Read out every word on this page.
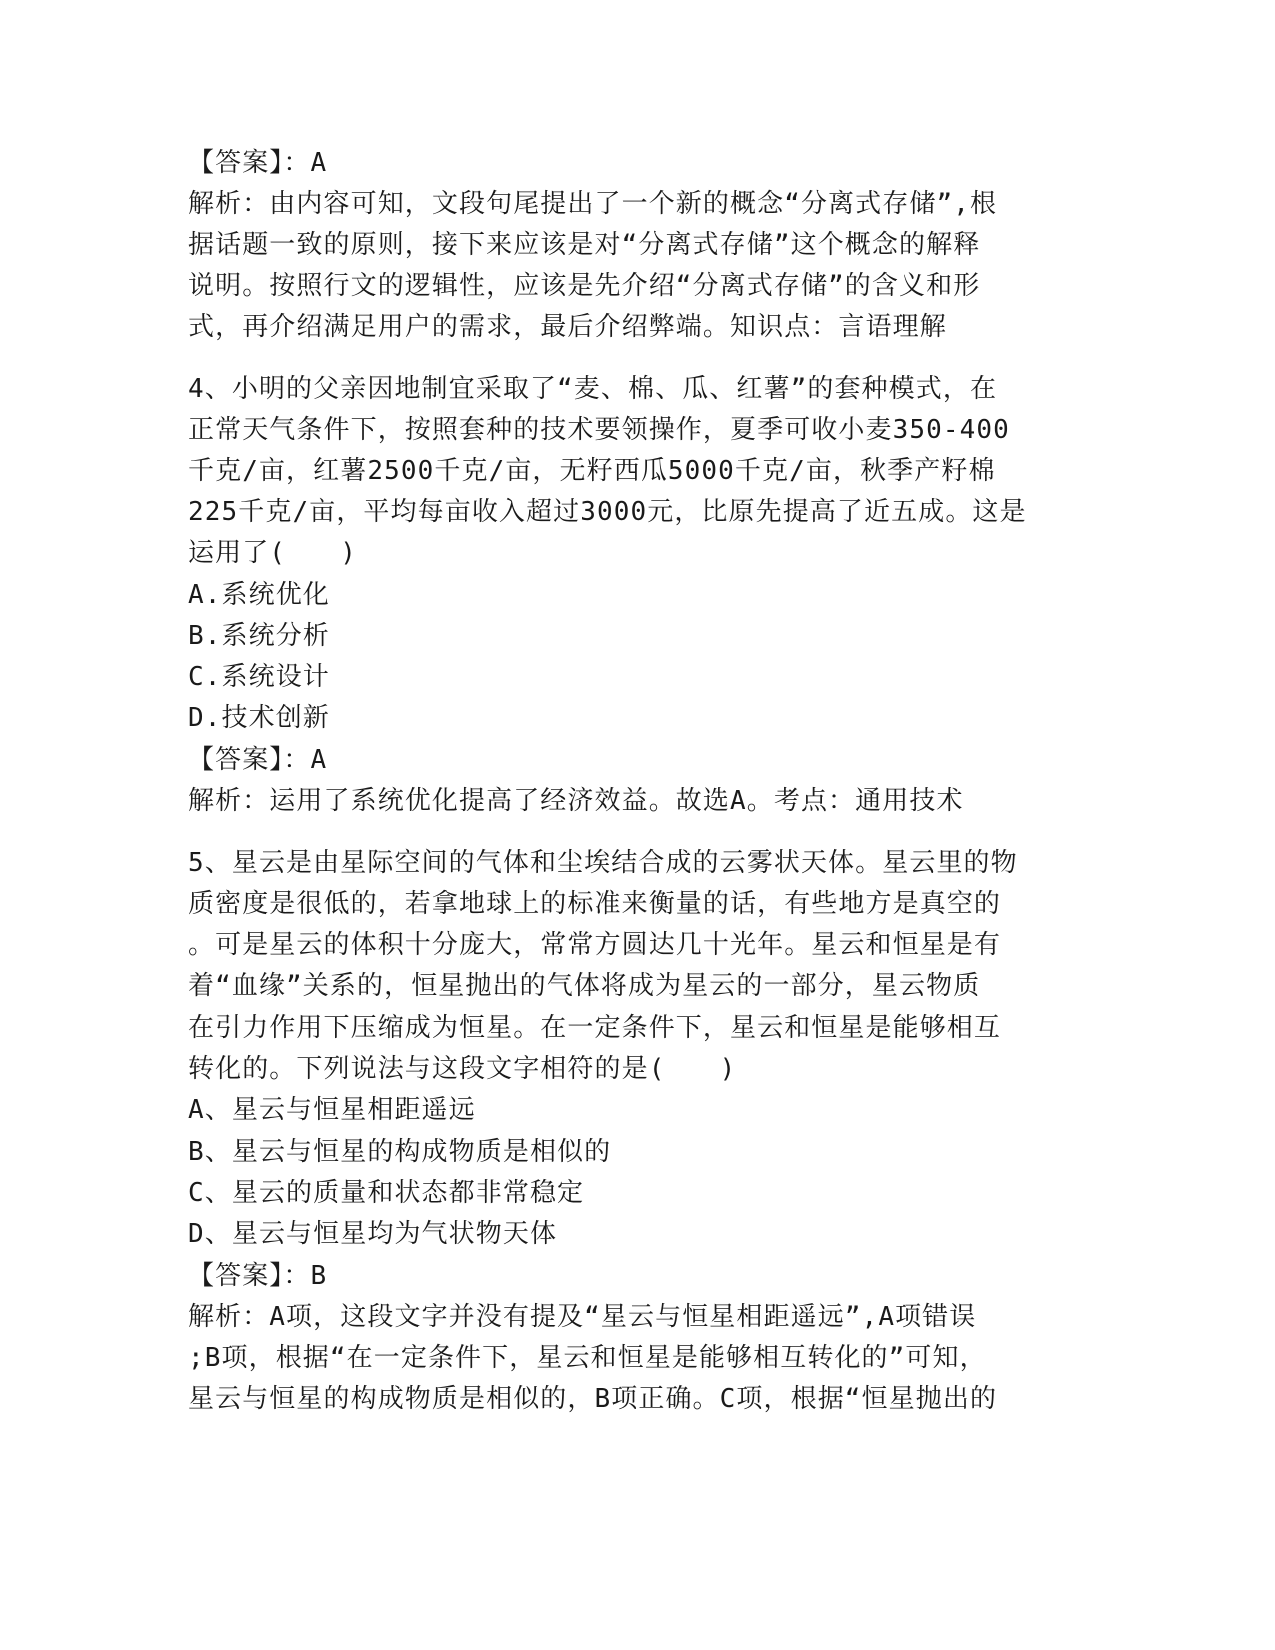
【答案】：A
解析：由内容可知，文段句尾提出了一个新的概念“分离式存储”,根
据话题一致的原则，接下来应该是对“分离式存储”这个概念的解释
说明。按照行文的逻辑性，应该是先介绍“分离式存储”的含义和形
式，再介绍满足用户的需求，最后介绍弊端。知识点：言语理解
4、小明的父亲因地制宜采取了“麦、棉、瓜、红薯”的套种模式，在
正常天气条件下，按照套种的技术要领操作，夏季可收小麦350-400
千克/亩，红薯2500千克/亩，无籽西瓜5000千克/亩，秋季产籽棉
225千克/亩，平均每亩收入超过3000元，比原先提高了近五成。这是
运用了(　　)
A.系统优化
B.系统分析
C.系统设计
D.技术创新
【答案】：A
解析：运用了系统优化提高了经济效益。故选A。考点：通用技术
5、星云是由星际空间的气体和尘埃结合成的云雾状天体。星云里的物
质密度是很低的，若拿地球上的标准来衡量的话，有些地方是真空的
。可是星云的体积十分庞大，常常方圆达几十光年。星云和恒星是有
着“血缘”关系的，恒星抛出的气体将成为星云的一部分，星云物质
在引力作用下压缩成为恒星。在一定条件下，星云和恒星是能够相互
转化的。下列说法与这段文字相符的是(　　)
A、星云与恒星相距遥远
B、星云与恒星的构成物质是相似的
C、星云的质量和状态都非常稳定
D、星云与恒星均为气状物天体
【答案】：B
解析：A项，这段文字并没有提及“星云与恒星相距遥远”,A项错误
;B项，根据“在一定条件下，星云和恒星是能够相互转化的”可知，
星云与恒星的构成物质是相似的，B项正确。C项，根据“恒星抛出的
